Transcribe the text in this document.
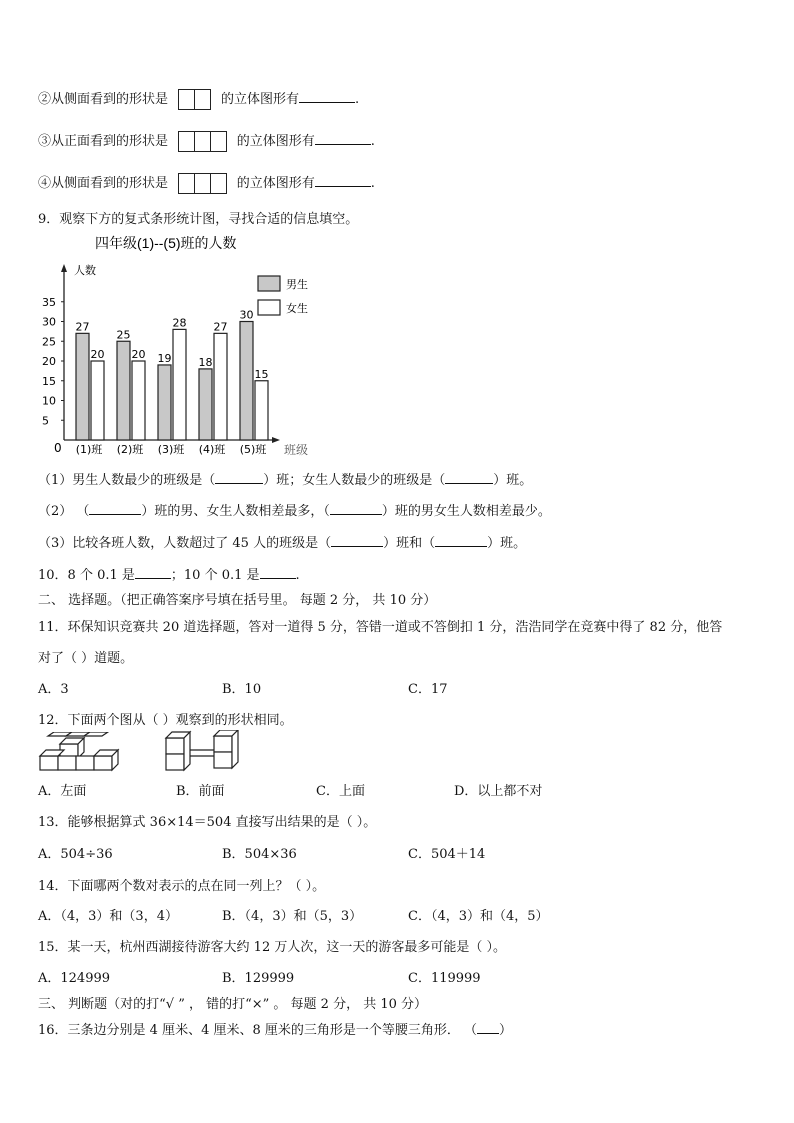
②从侧面看到的形状是	的立体图形有	.
③从正面看到的形状是	的立体图形有	.
④从侧面看到的形状是	的立体图形有	.
9．观察下方的复式条形统计图，寻找合适的信息填空。
四年级(1)--(5)班的人数
人数
班级
0
5
10
15
20
25
30
35
27
20
(1)班
25
20
(2)班
19
28
(3)班
18
27
(4)班
30
15
(5)班
男生
女生
（1）男生人数最少的班级是（	）班；女生人数最少的班级是（	）班。
（2） （	）班的男、女生人数相差最多，（	）班的男女生人数相差最少。
（3）比较各班人数，人数超过了 45 人的班级是（	）班和（	）班。
10．8 个 0.1 是	；10 个 0.1 是	.
二、 选择题。（把正确答案序号填在括号里。 每题 2 分， 共 10 分）
11．环保知识竞赛共 20 道选择题，答对一道得 5 分，答错一道或不答倒扣 1 分，浩浩同学在竞赛中得了 82 分，他答
对了（ ）道题。
A．3	B．10	C．17
12．下面两个图从（ ）观察到的形状相同。
A．左面	B．前面	C．上面	D．以上都不对
13．能够根据算式 36×14＝504 直接写出结果的是（ ）。
A．504÷36	B．504×36	C．504＋14
14．下面哪两个数对表示的点在同一列上？（ ）。
A．（4，3）和（3，4）	B．（4，3）和（5，3）	C．（4，3）和（4，5）
15．某一天，杭州西湖接待游客大约 12 万人次，这一天的游客最多可能是（ ）。
A．124999	B．129999	C．119999
三、 判断题（对的打“√ ” ， 错的打“×” 。 每题 2 分， 共 10 分）
16．三条边分别是 4 厘米、4 厘米、8 厘米的三角形是一个等腰三角形． （ ）
